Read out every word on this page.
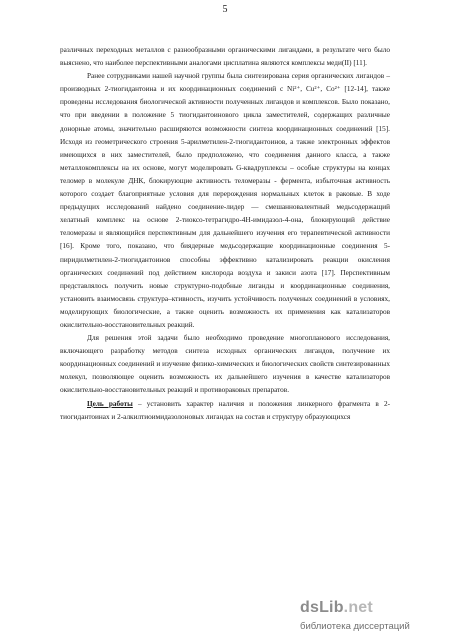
5

различных переходных металлов с разнообразными органическими лигандами, в результате чего было выяснено, что наиболее перспективными аналогами цисплатина являются комплексы меди(II) [11].

Ранее сотрудниками нашей научной группы была синтезирована серия органических лигандов – производных 2-тиогидантоина и их координационных соединений с Ni²⁺, Cu²⁺, Co²⁺ [12-14], также проведены исследования биологической активности полученных лигандов и комплексов. Было показано, что при введении в положение 5 тиогидантоинового цикла заместителей, содержащих различные донорные атомы, значительно расширяются возможности синтеза координационных соединений [15]. Исходя из геометрического строения 5-арилметилен-2-тиогидантоинов, а также электронных эффектов имеющихся в них заместителей, было предположено, что соединения данного класса, а также металлокомплексы на их основе, могут моделировать G-квадруплексы – особые структуры на концах теломер в молекуле ДНК, блокирующие активность теломеразы - фермента, избыточная активность которого создает благоприятные условия для перерождения нормальных клеток в раковые. В ходе предыдущих исследований найдено соединение-лидер — смешанновалентный медьсодержащий хелатный комплекс на основе 2-тиоксо-тетрагидро-4H-имидазол-4-она, блокирующий действие теломеразы и являющийся перспективным для дальнейшего изучения его терапевтической активности [16]. Кроме того, показано, что биядерные медьсодержащие координационные соединения 5-пиридилметилен-2-тиогидантоинов способны эффективно катализировать реакции окисления органических соединений под действием кислорода воздуха и закиси азота [17]. Перспективным представлялось получить новые структурно-подобные лиганды и координационные соединения, установить взаимосвязь структура–ктивность, изучить устойчивость полученых соединений в условиях, моделирующих биологические, а также оценить возможность их применения как катализаторов окислительно-восстановительных реакций.

Для решения этой задачи было необходимо проведение многопланового исследования, включающего разработку методов синтеза исходных органических лигандов, получение их координационных соединений и изучение физико-химических и биологических свойств синтезированных молекул, позволяющее оценить возможность их дальнейшего изучения в качестве катализаторов окислительно-восстановительных реакций и противораковых препаратов.

Цель работы – установить характер наличия и положения линкерного фрагмента в 2-тиогидантоинах и 2-алкилтиоимидазолоновых лигандах на состав и структуру образующихся

dsLib.net
библиотека диссертаций
